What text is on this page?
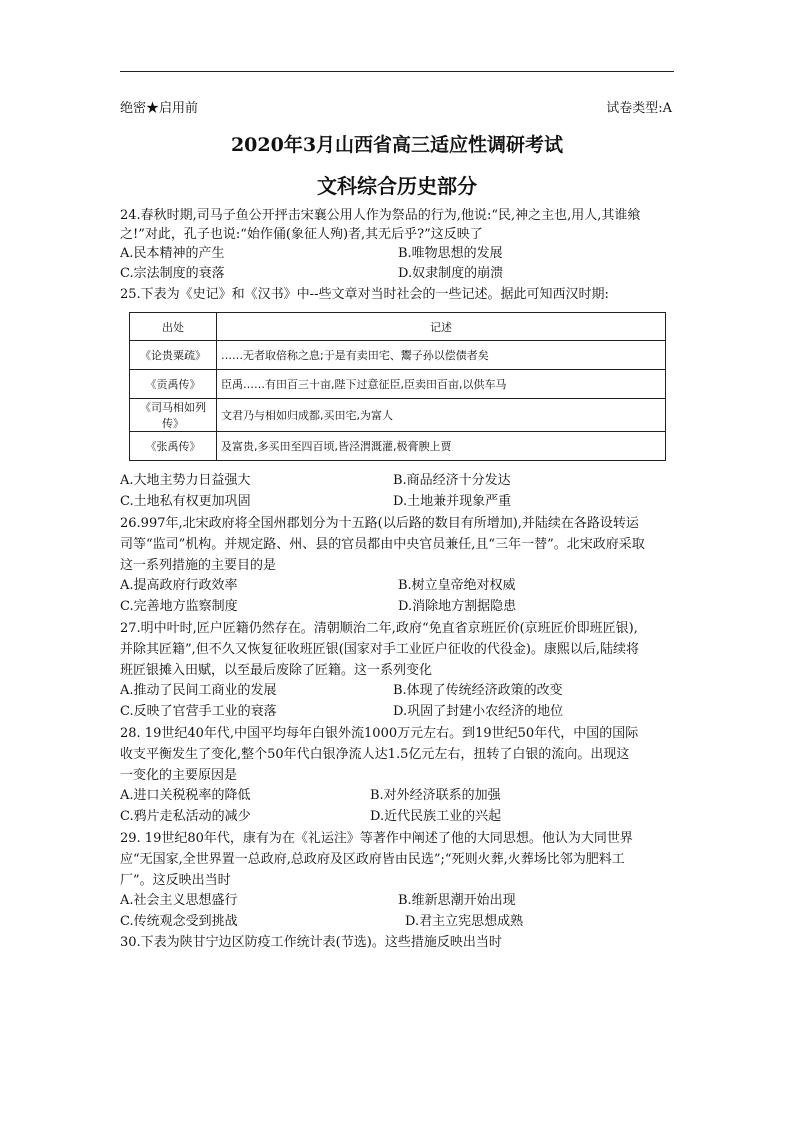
绝密★启用前	试卷类型:A
2020年3月山西省高三适应性调研考试
文科综合历史部分
24.春秋时期,司马子鱼公开抨击宋襄公用人作为祭品的行为,他说:“民,神之主也,用人,其谁飨
之!”对此，孔子也说:“始作俑(象征人殉)者,其无后乎?”这反映了
A.民本精神的产生	B.唯物思想的发展
C.宗法制度的衰落	D.奴隶制度的崩溃
25.下表为《史记》和《汉书》中--些文章对当时社会的一些记述。据此可知西汉时期:
出处	记述
《论贵粟疏》	……无者取倍称之息;于是有卖田宅、鬻子孙以偿债者矣
《贡禹传》	臣禹……有田百三十亩,陛下过意征臣,臣卖田百亩,以供车马
《司马相如列传》	文君乃与相如归成都,买田宅,为富人
《张禹传》	及富贵,多买田至四百顷,皆泾渭溉灌,极膏腴上贾
A.大地主势力日益强大	B.商品经济十分发达
C.土地私有权更加巩固	D.土地兼并现象严重
26.997年,北宋政府将全国州郡划分为十五路(以后路的数目有所增加),并陆续在各路设转运
司等“监司”机构。并规定路、州、县的官员都由中央官员兼任,且“三年一替”。北宋政府采取
这一系列措施的主要目的是
A.提高政府行政效率	B.树立皇帝绝对权威
C.完善地方监察制度	D.消除地方割据隐患
27.明中叶时,匠户匠籍仍然存在。清朝顺治二年,政府“免直省京班匠价(京班匠价即班匠银),
并除其匠籍”,但不久又恢复征收班匠银(国家对手工业匠户征收的代役金)。康熙以后,陆续将
班匠银摊入田赋，以至最后废除了匠籍。这一系列变化
A.推动了民间工商业的发展	B.体现了传统经济政策的改变
C.反映了官营手工业的衰落	D.巩固了封建小农经济的地位
28. 19世纪40年代,中国平均每年白银外流1000万元左右。到19世纪50年代，中国的国际
收支平衡发生了变化,整个50年代白银净流人达1.5亿元左右，扭转了白银的流向。出现这
一变化的主要原因是
A.进口关税税率的降低	B.对外经济联系的加强
C.鸦片走私活动的减少	D.近代民族工业的兴起
29. 19世纪80年代，康有为在《礼运注》等著作中阐述了他的大同思想。他认为大同世界
应“无国家,全世界置一总政府,总政府及区政府皆由民选”;“死则火葬,火葬场比邻为肥料工
厂”。这反映出当时
A.社会主义思想盛行	B.维新思潮开始出现
C.传统观念受到挑战	D.君主立宪思想成熟
30.下表为陕甘宁边区防疫工作统计表(节选)。这些措施反映出当时
